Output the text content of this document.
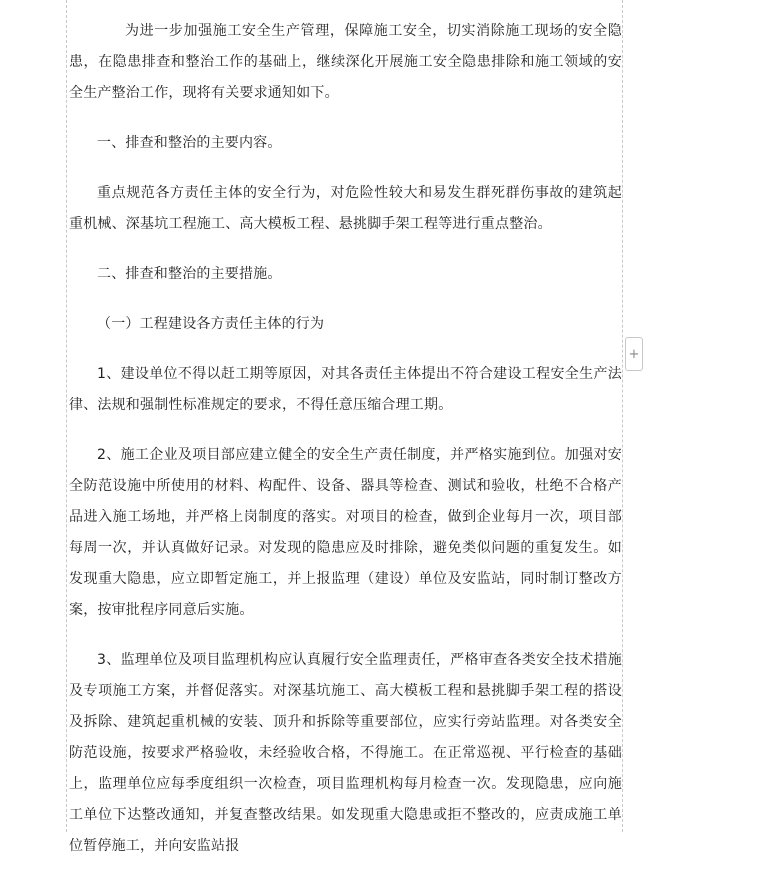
为进一步加强施工安全生产管理，保障施工安全，切实消除施工现场的安全隐患，在隐患排查和整治工作的基础上，继续深化开展施工安全隐患排除和施工领域的安全生产整治工作，现将有关要求通知如下。

一、排查和整治的主要内容。

重点规范各方责任主体的安全行为，对危险性较大和易发生群死群伤事故的建筑起重机械、深基坑工程施工、高大模板工程、悬挑脚手架工程等进行重点整治。

二、排查和整治的主要措施。

（一）工程建设各方责任主体的行为

1、建设单位不得以赶工期等原因，对其各责任主体提出不符合建设工程安全生产法律、法规和强制性标准规定的要求，不得任意压缩合理工期。

2、施工企业及项目部应建立健全的安全生产责任制度，并严格实施到位。加强对安全防范设施中所使用的材料、构配件、设备、器具等检查、测试和验收，杜绝不合格产品进入施工场地，并严格上岗制度的落实。对项目的检查，做到企业每月一次，项目部每周一次，并认真做好记录。对发现的隐患应及时排除，避免类似问题的重复发生。如发现重大隐患，应立即暂定施工，并上报监理（建设）单位及安监站，同时制订整改方案，按审批程序同意后实施。

3、监理单位及项目监理机构应认真履行安全监理责任，严格审查各类安全技术措施及专项施工方案，并督促落实。对深基坑施工、高大模板工程和悬挑脚手架工程的搭设及拆除、建筑起重机械的安装、顶升和拆除等重要部位，应实行旁站监理。对各类安全防范设施，按要求严格验收，未经验收合格，不得施工。在正常巡视、平行检查的基础上，监理单位应每季度组织一次检查，项目监理机构每月检查一次。发现隐患，应向施工单位下达整改通知，并复查整改结果。如发现重大隐患或拒不整改的，应责成施工单位暂停施工，并向安监站报

+
